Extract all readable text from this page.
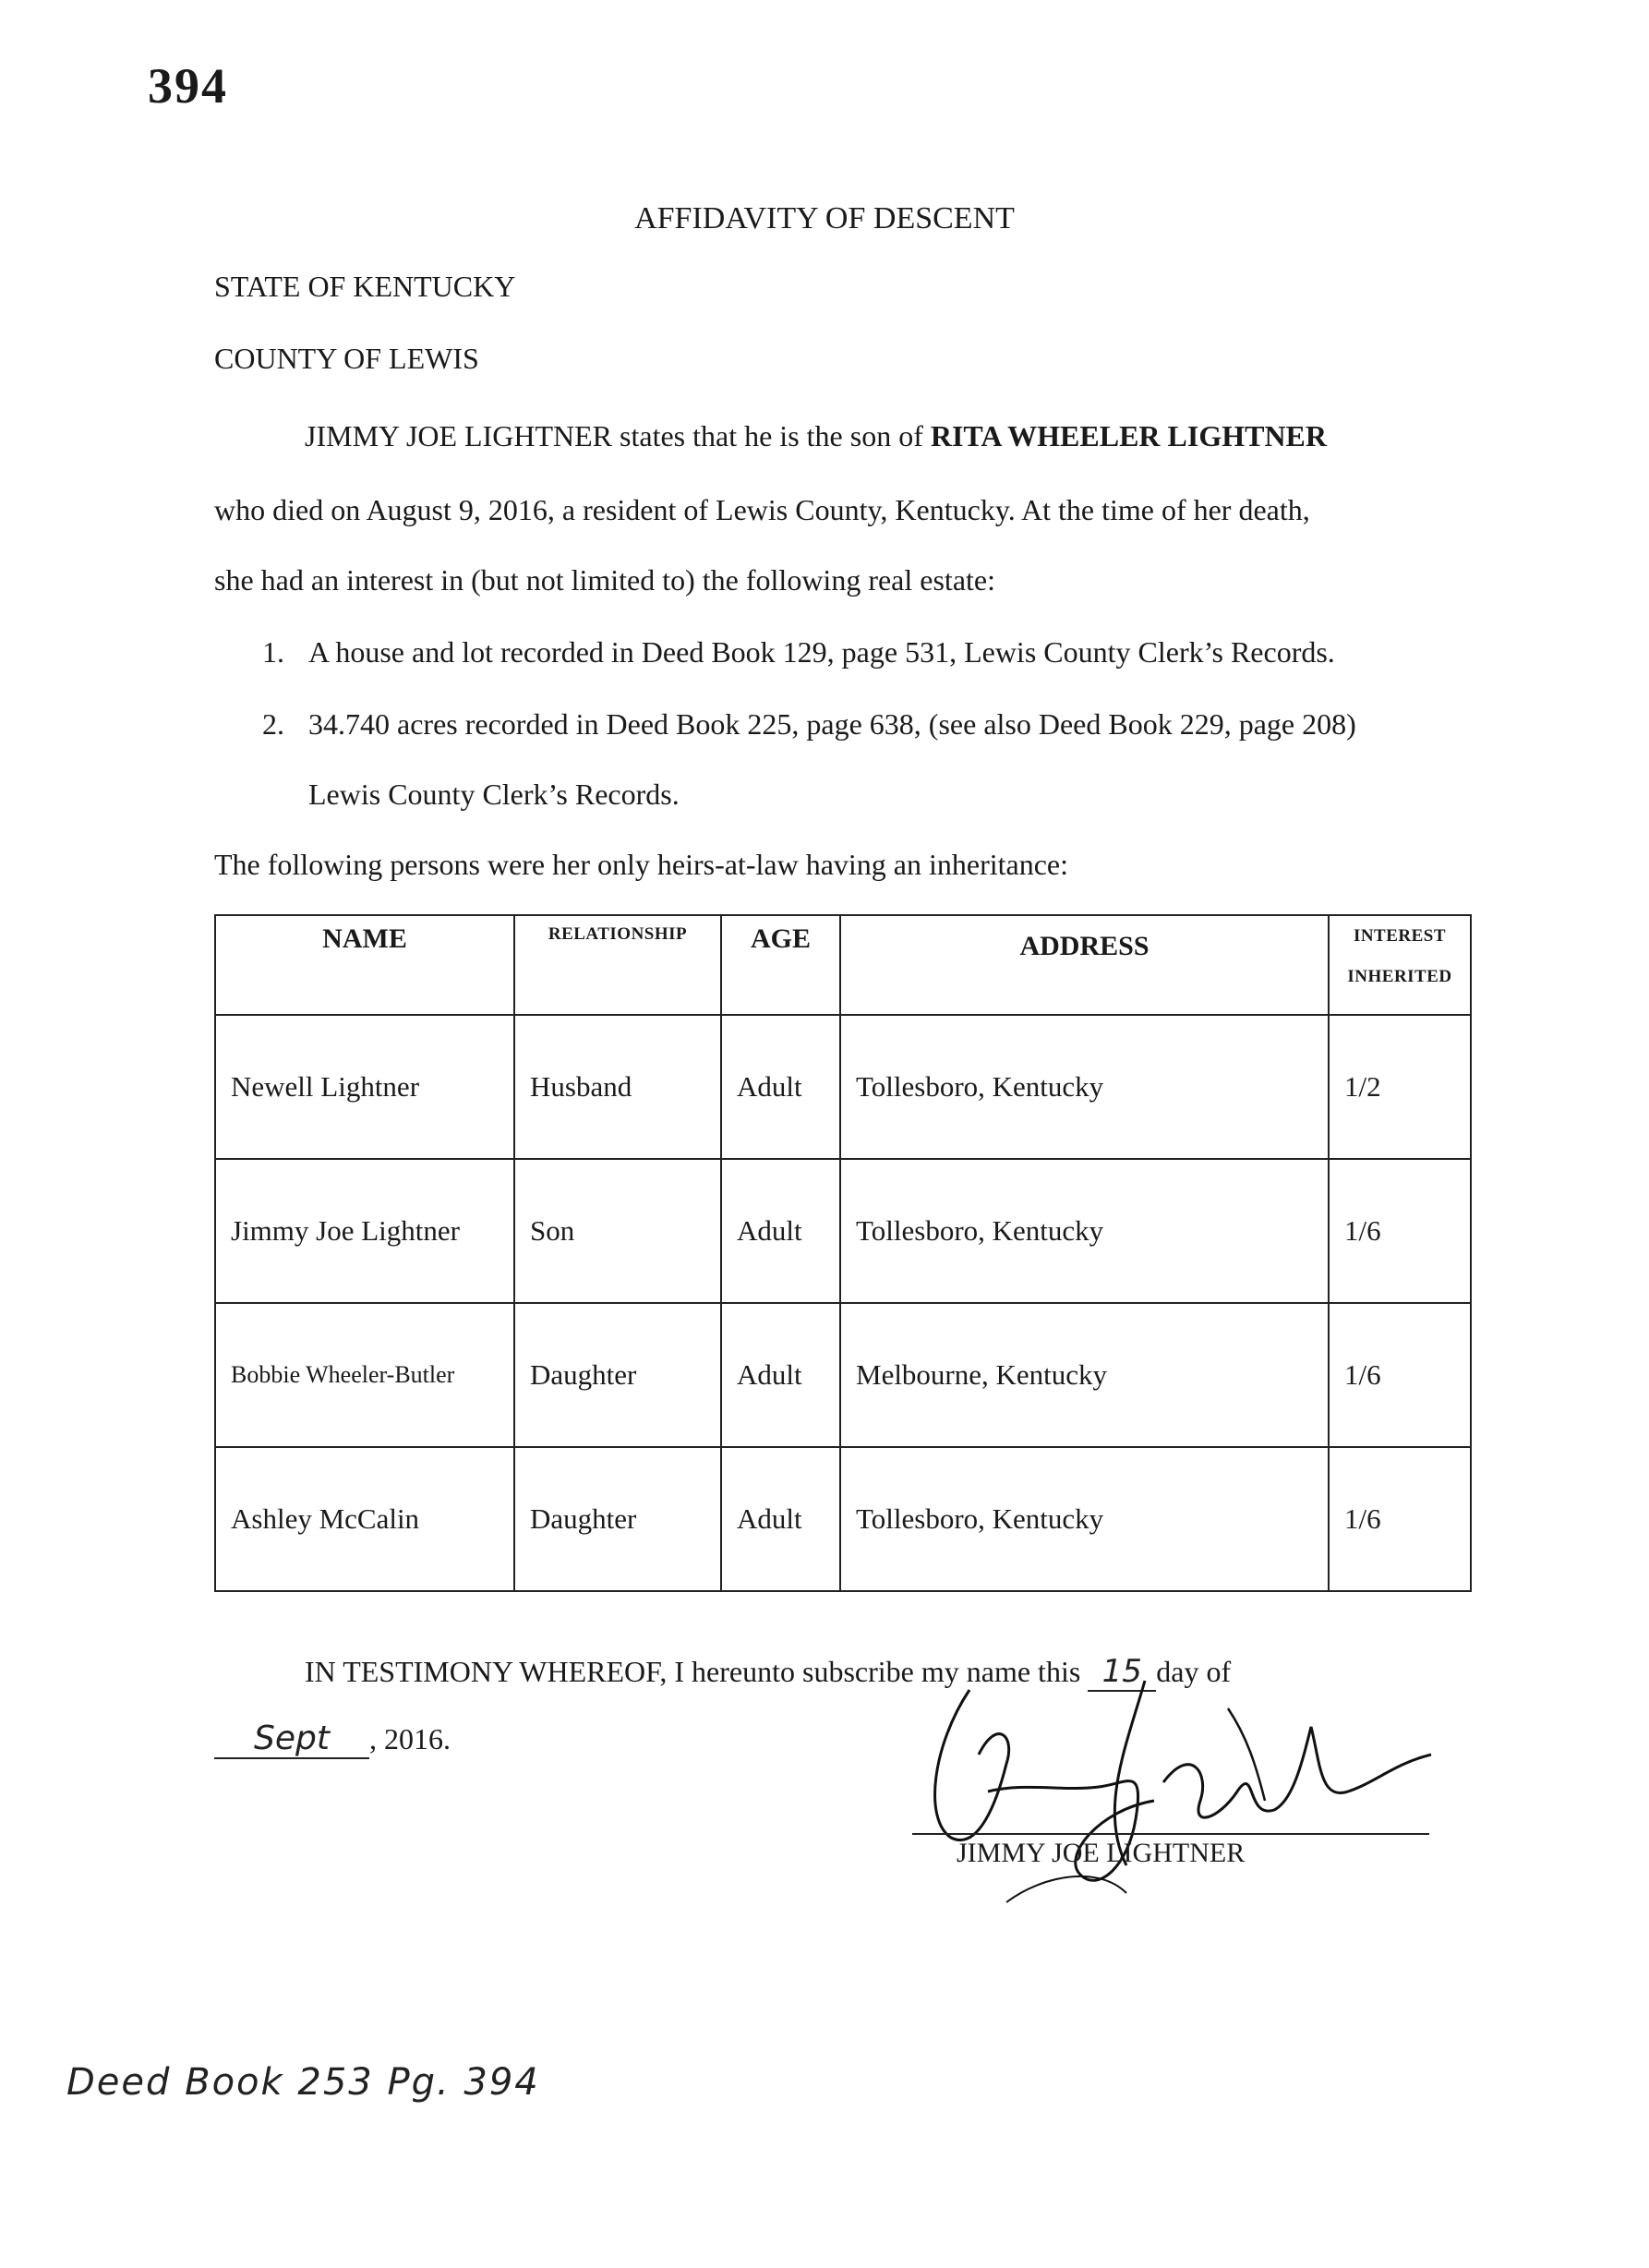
394
AFFIDAVITY OF DESCENT
STATE OF KENTUCKY
COUNTY OF LEWIS
JIMMY JOE LIGHTNER states that he is the son of RITA WHEELER LIGHTNER
who died on August 9, 2016, a resident of Lewis County, Kentucky. At the time of her death,
she had an interest in (but not limited to) the following real estate:
1. A house and lot recorded in Deed Book 129, page 531, Lewis County Clerk’s Records.
2. 34.740 acres recorded in Deed Book 225, page 638, (see also Deed Book 229, page 208)
Lewis County Clerk’s Records.
The following persons were her only heirs-at-law having an inheritance:
NAME	RELATIONSHIP	AGE	ADDRESS	INTEREST
INHERITED

Newell Lightner	Husband	Adult	Tollesboro, Kentucky	1/2
Jimmy Joe Lightner	Son	Adult	Tollesboro, Kentucky	1/6
Bobbie Wheeler-Butler	Daughter	Adult	Melbourne, Kentucky	1/6
Ashley McCalin	Daughter	Adult	Tollesboro, Kentucky	1/6
IN TESTIMONY WHEREOF, I hereunto subscribe my name this 15 day of
Sept , 2016.
JIMMY JOE LIGHTNER
Deed Book 253 Pg. 394
